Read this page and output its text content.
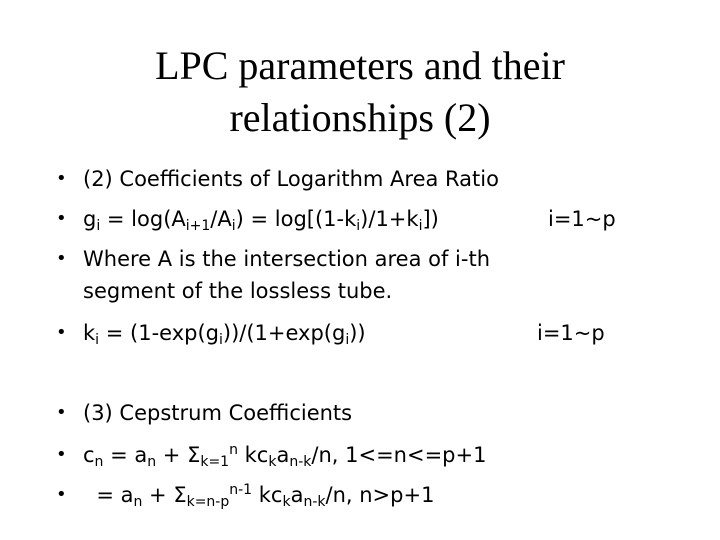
LPC parameters and their
relationships (2)
• (2) Coefficients of Logarithm Area Ratio
• $g_i = \log(A_{i+1}/A_i) = \log[(1-k_i)/1+k_i]$)	i=1~p
• Where A is the intersection area of i-th
segment of the lossless tube.
• $k_i = (1-\exp(g_i))/(1+\exp(g_i))$	i=1~p
• (3) Cepstrum Coefficients
• $c_n = a_n + \Sigma_{k=1}^n$ $kc_ka_{n-k}/n$, 1<=n<=p+1
• = $a_n + \Sigma_{k=n-p}^{n-1}$ $kc_ka_{n-k}/n$, n>p+1
